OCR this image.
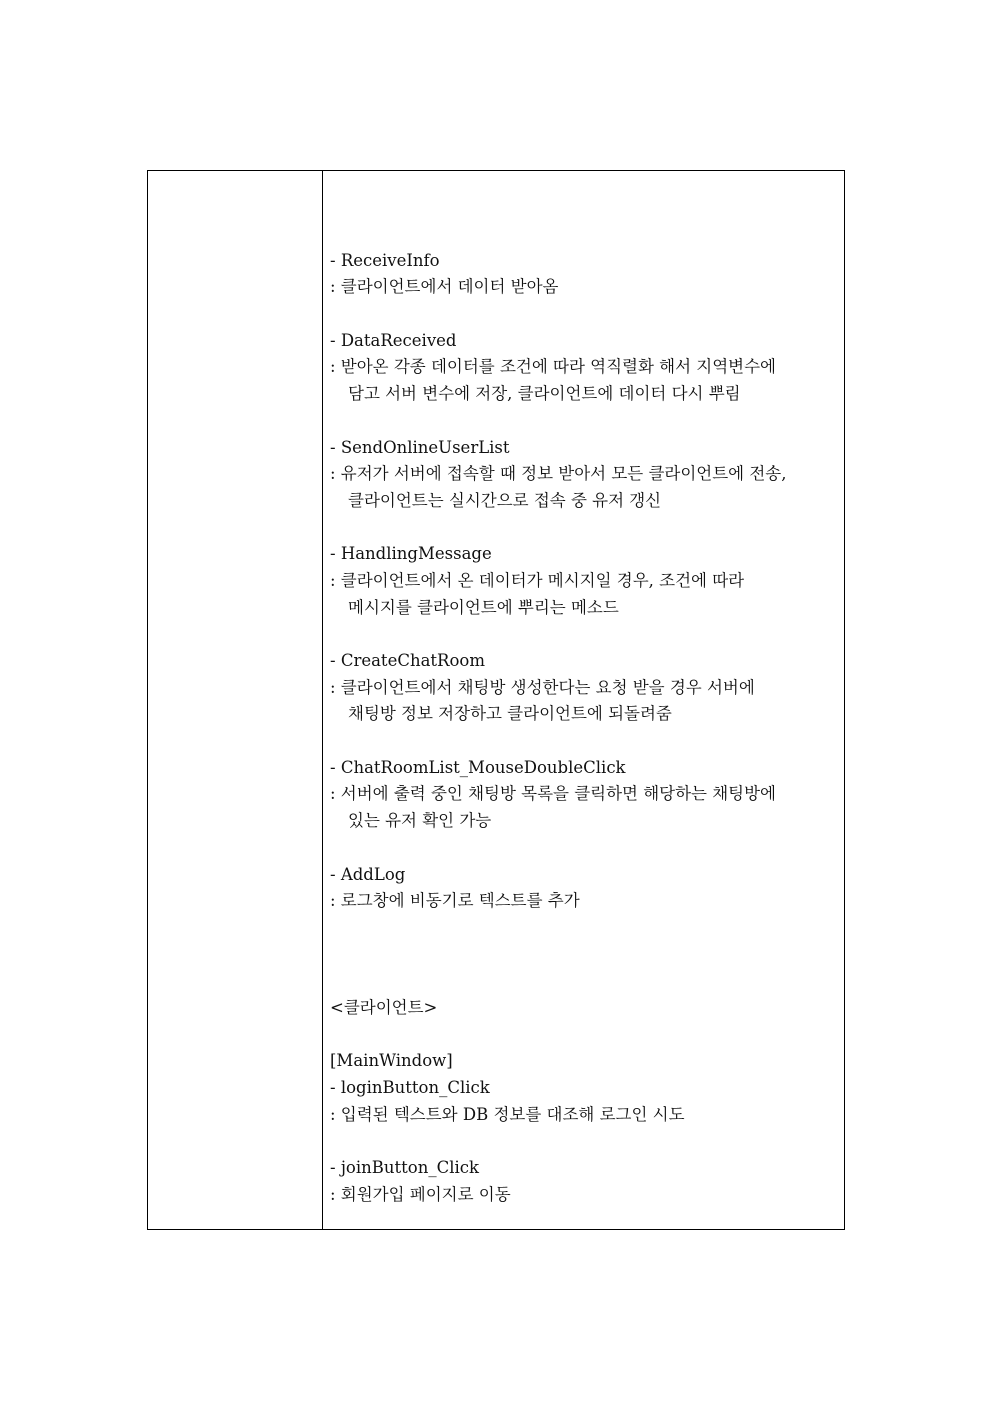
- ReceiveInfo
: 클라이언트에서 데이터 받아옴
- DataReceived
: 받아온 각종 데이터를 조건에 따라 역직렬화 해서 지역변수에
담고 서버 변수에 저장, 클라이언트에 데이터 다시 뿌림
- SendOnlineUserList
: 유저가 서버에 접속할 때 정보 받아서 모든 클라이언트에 전송,
클라이언트는 실시간으로 접속 중 유저 갱신
- HandlingMessage
: 클라이언트에서 온 데이터가 메시지일 경우, 조건에 따라
메시지를 클라이언트에 뿌리는 메소드
- CreateChatRoom
: 클라이언트에서 채팅방 생성한다는 요청 받을 경우 서버에
채팅방 정보 저장하고 클라이언트에 되돌려줌
- ChatRoomList_MouseDoubleClick
: 서버에 출력 중인 채팅방 목록을 클릭하면 해당하는 채팅방에
있는 유저 확인 가능
- AddLog
: 로그창에 비동기로 텍스트를 추가
<클라이언트>
[MainWindow]
- loginButton_Click
: 입력된 텍스트와 DB 정보를 대조해 로그인 시도
- joinButton_Click
: 회원가입 페이지로 이동
